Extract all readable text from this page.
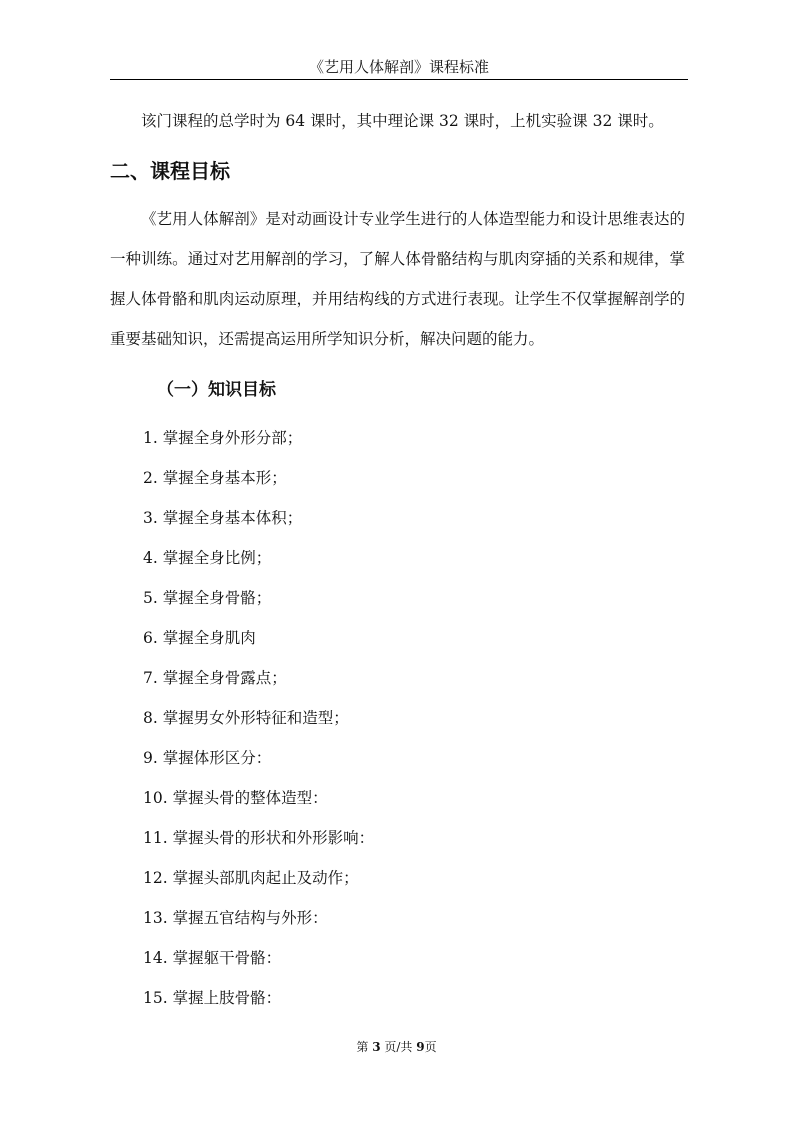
《艺用人体解剖》课程标准

该门课程的总学时为 64 课时，其中理论课 32 课时，上机实验课 32 课时。

二、课程目标

《艺用人体解剖》是对动画设计专业学生进行的人体造型能力和设计思维表达的一种训练。通过对艺用解剖的学习，了解人体骨骼结构与肌肉穿插的关系和规律，掌握人体骨骼和肌肉运动原理，并用结构线的方式进行表现。让学生不仅掌握解剖学的重要基础知识，还需提高运用所学知识分析，解决问题的能力。

（一）知识目标
1. 掌握全身外形分部；
2. 掌握全身基本形；
3. 掌握全身基本体积；
4. 掌握全身比例；
5. 掌握全身骨骼；
6. 掌握全身肌肉
7. 掌握全身骨露点；
8. 掌握男女外形特征和造型；
9. 掌握体形区分：
10. 掌握头骨的整体造型：
11. 掌握头骨的形状和外形影响：
12. 掌握头部肌肉起止及动作；
13. 掌握五官结构与外形：
14. 掌握躯干骨骼：
15. 掌握上肢骨骼：
第 3 页/共 9页
